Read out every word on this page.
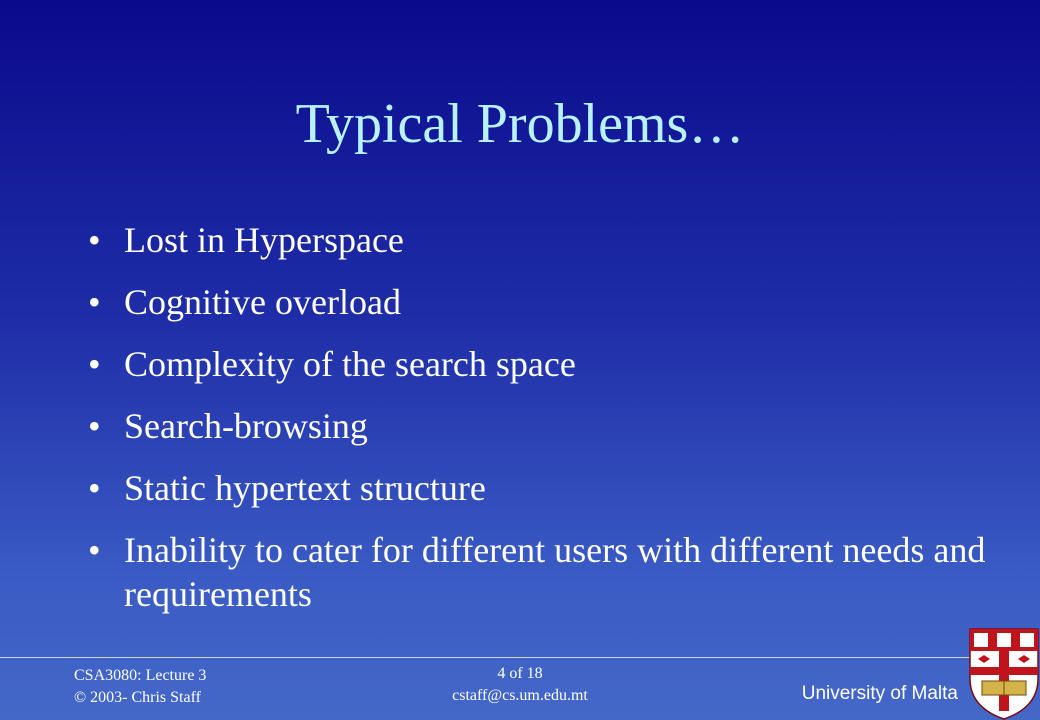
Typical Problems…
• Lost in Hyperspace
• Cognitive overload
• Complexity of the search space
• Search-browsing
• Static hypertext structure
• Inability to cater for different users with different needs and requirements
CSA3080: Lecture 3
© 2003- Chris Staff
4 of 18
cstaff@cs.um.edu.mt	University of Malta
